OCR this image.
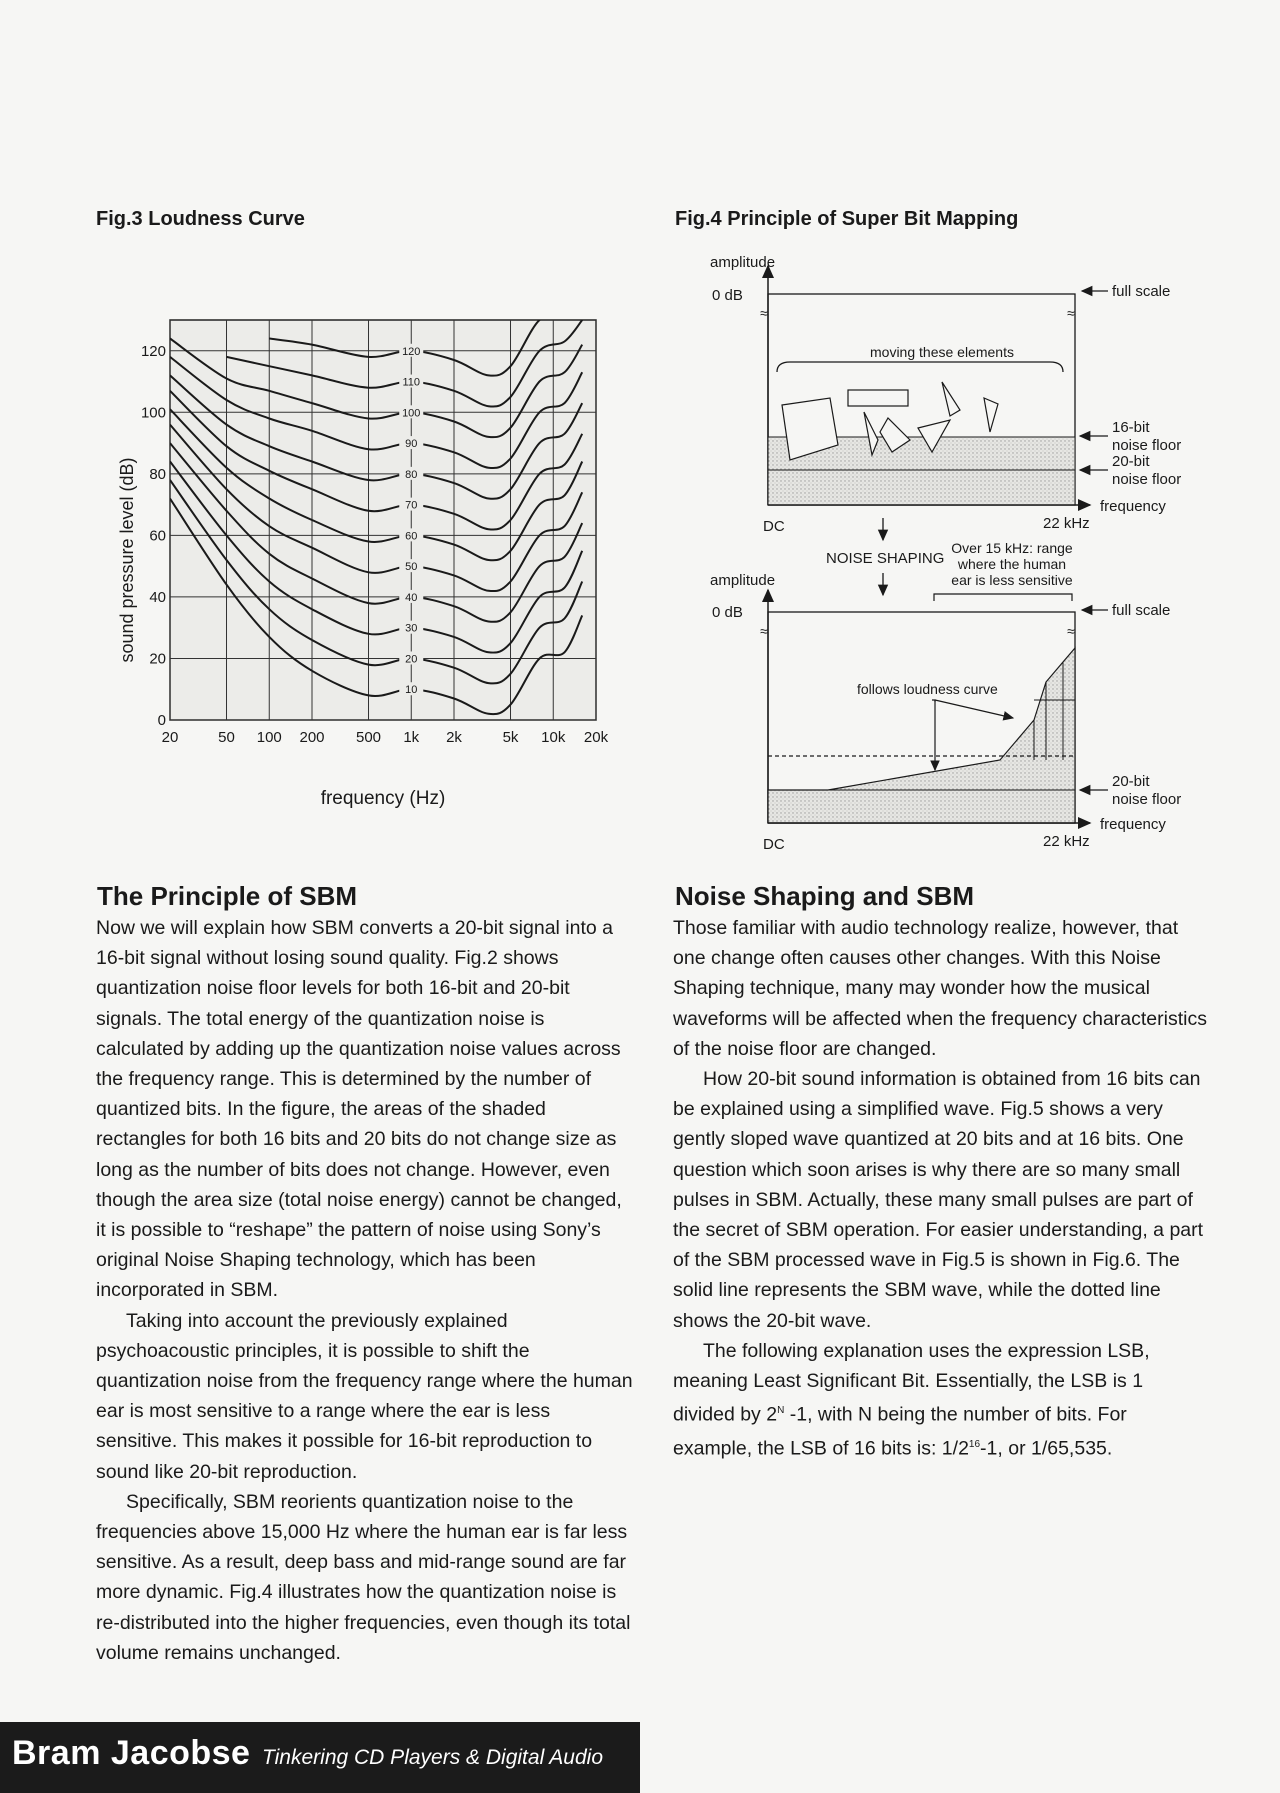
Fig.3 Loudness Curve
120
110
100
90
80
70
60
50
40
30
20
10
20	50 100 200 500 1k 2k	5k 10k 20k
0
20
40
60
80
100
120
frequency (Hz)
sound pressure level (dB)
Fig.4 Principle of Super Bit Mapping
amplitude
0 dB
≈	≈
full scale
moving these elements
16-bit
noise floor
20-bit
noise floor
frequency
DC	22 kHz
NOISE SHAPING
Over 15 kHz: range
where the human
ear is less sensitive
amplitude
0 dB
≈	≈
full scale
follows loudness curve
20-bit
noise floor
frequency
DC	22 kHz
The Principle of SBM

Now we will explain how SBM converts a 20-bit signal into a 16-bit signal without losing sound quality. Fig.2 shows quantization noise floor levels for both 16-bit and 20-bit signals. The total energy of the quantization noise is calculated by adding up the quantization noise values across the frequency range. This is determined by the number of quantized bits. In the figure, the areas of the shaded rectangles for both 16 bits and 20 bits do not change size as long as the number of bits does not change. However, even though the area size (total noise energy) cannot be changed, it is possible to “reshape” the pattern of noise using Sony’s original Noise Shaping technology, which has been incorporated in SBM.

Taking into account the previously explained psychoacoustic principles, it is possible to shift the quantization noise from the frequency range where the human ear is most sensitive to a range where the ear is less sensitive. This makes it possible for 16-bit reproduction to sound like 20-bit reproduction.

Specifically, SBM reorients quantization noise to the frequencies above 15,000 Hz where the human ear is far less sensitive. As a result, deep bass and mid-range sound are far more dynamic. Fig.4 illustrates how the quantization noise is re-distributed into the higher frequencies, even though its total volume remains unchanged.

Noise Shaping and SBM

Those familiar with audio technology realize, however, that one change often causes other changes. With this Noise Shaping technique, many may wonder how the musical waveforms will be affected when the frequency characteristics of the noise floor are changed.

How 20-bit sound information is obtained from 16 bits can be explained using a simplified wave. Fig.5 shows a very gently sloped wave quantized at 20 bits and at 16 bits. One question which soon arises is why there are so many small pulses in SBM. Actually, these many small pulses are part of the secret of SBM operation. For easier understanding, a part of the SBM processed wave in Fig.5 is shown in Fig.6. The solid line represents the SBM wave, while the dotted line shows the 20-bit wave.

The following explanation uses the expression LSB, meaning Least Significant Bit. Essentially, the LSB is 1 divided by $2^N$ -1, with N being the number of bits. For example, the LSB of 16 bits is: $1/2^{16}-1$, or 1/65,535.

Bram Jacobse Tinkering CD Players & Digital Audio
